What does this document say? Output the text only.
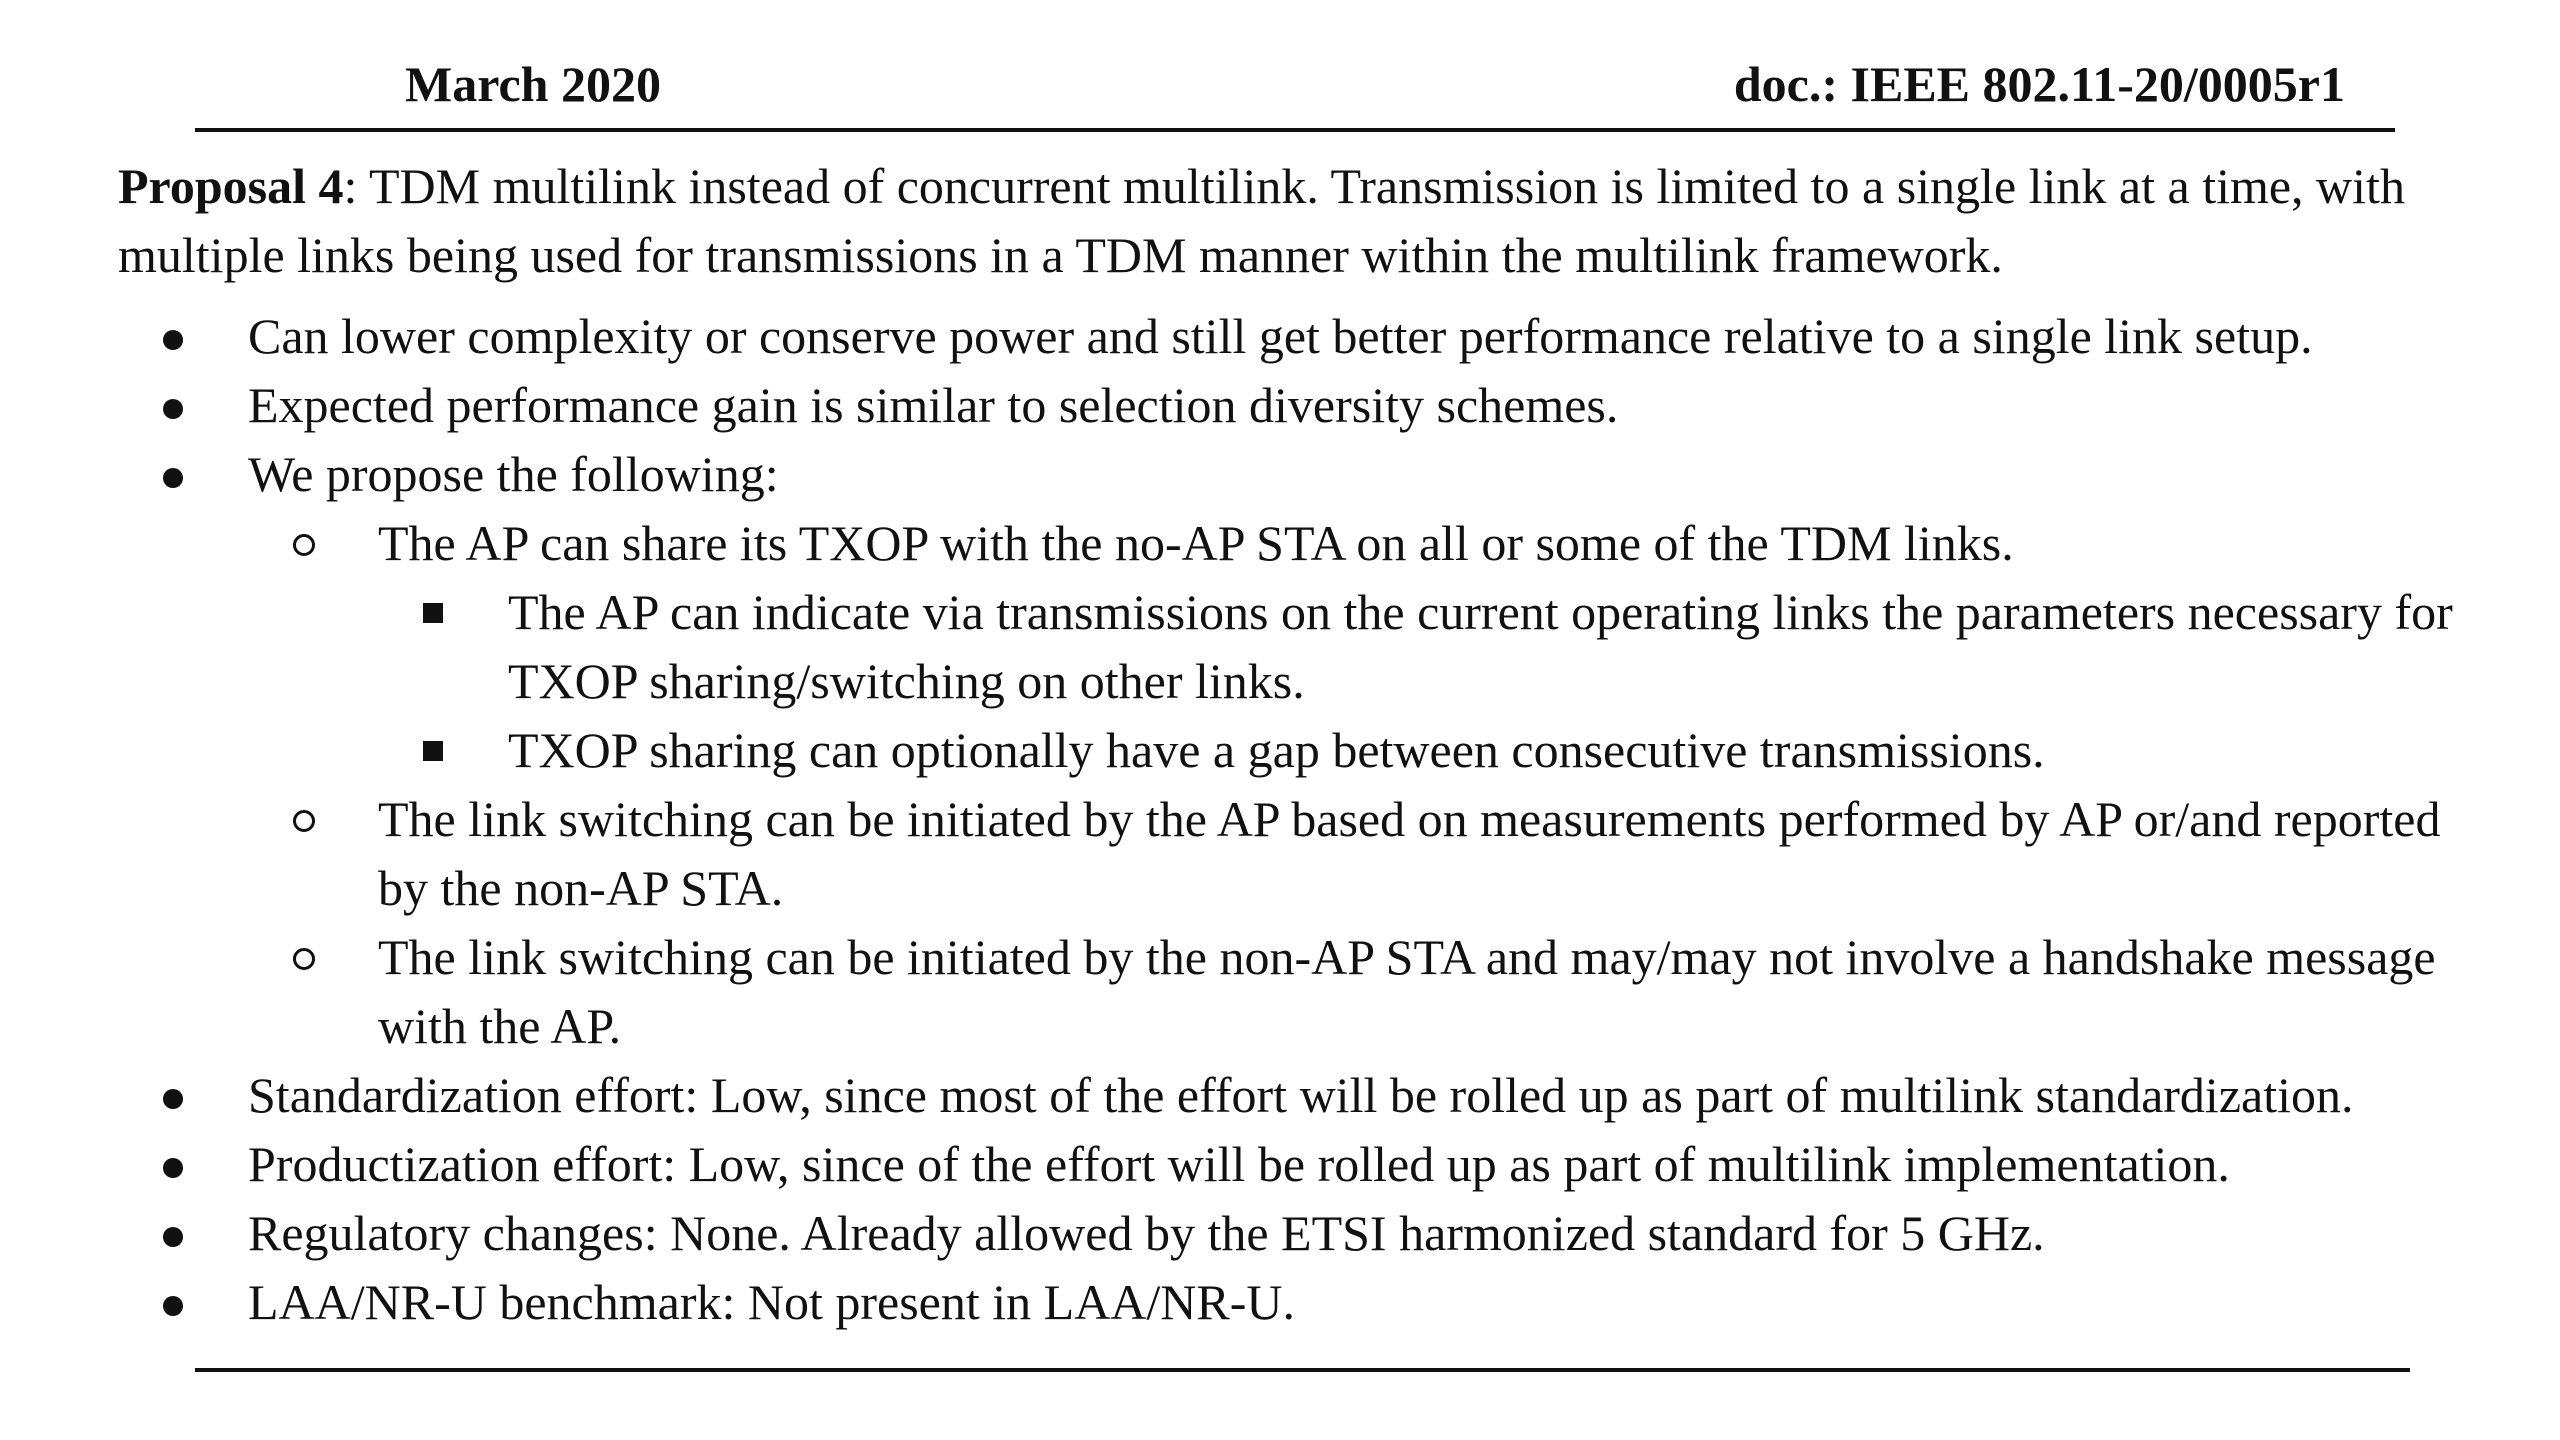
March 2020	doc.: IEEE 802.11-20/0005r1

Proposal 4: TDM multilink instead of concurrent multilink. Transmission is limited to a single link at a time, with multiple links being used for transmissions in a TDM manner within the multilink framework.

Can lower complexity or conserve power and still get better performance relative to a single link setup.
Expected performance gain is similar to selection diversity schemes.
We propose the following:
The AP can share its TXOP with the no-AP STA on all or some of the TDM links.
The AP can indicate via transmissions on the current operating links the parameters necessary for TXOP sharing/switching on other links.
TXOP sharing can optionally have a gap between consecutive transmissions.
The link switching can be initiated by the AP based on measurements performed by AP or/and reported by the non-AP STA.
The link switching can be initiated by the non-AP STA and may/may not involve a handshake message with the AP.
Standardization effort: Low, since most of the effort will be rolled up as part of multilink standardization.
Productization effort: Low, since of the effort will be rolled up as part of multilink implementation.
Regulatory changes: None. Already allowed by the ETSI harmonized standard for 5 GHz.
LAA/NR-U benchmark: Not present in LAA/NR-U.
